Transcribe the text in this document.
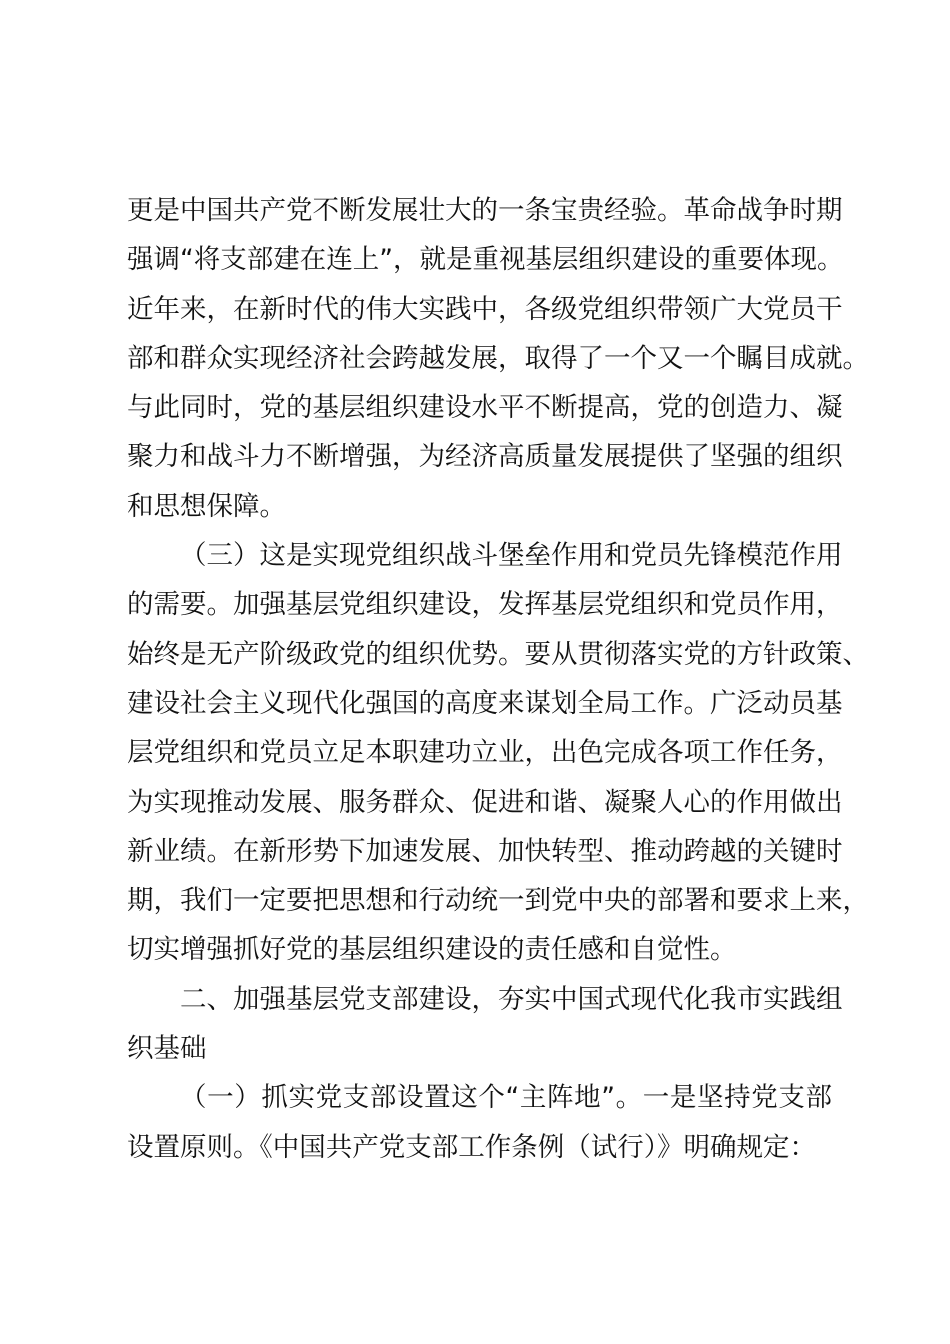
更是中国共产党不断发展壮大的一条宝贵经验。革命战争时期
强调“将支部建在连上”，就是重视基层组织建设的重要体现。
近年来，在新时代的伟大实践中，各级党组织带领广大党员干
部和群众实现经济社会跨越发展，取得了一个又一个瞩目成就。
与此同时，党的基层组织建设水平不断提高，党的创造力、凝
聚力和战斗力不断增强，为经济高质量发展提供了坚强的组织
和思想保障。
（三）这是实现党组织战斗堡垒作用和党员先锋模范作用
的需要。加强基层党组织建设，发挥基层党组织和党员作用，
始终是无产阶级政党的组织优势。要从贯彻落实党的方针政策、
建设社会主义现代化强国的高度来谋划全局工作。广泛动员基
层党组织和党员立足本职建功立业，出色完成各项工作任务，
为实现推动发展、服务群众、促进和谐、凝聚人心的作用做出
新业绩。在新形势下加速发展、加快转型、推动跨越的关键时
期，我们一定要把思想和行动统一到党中央的部署和要求上来，
切实增强抓好党的基层组织建设的责任感和自觉性。
二、加强基层党支部建设，夯实中国式现代化我市实践组
织基础
（一）抓实党支部设置这个“主阵地”。一是坚持党支部
设置原则。《中国共产党支部工作条例（试行）》明确规定：
